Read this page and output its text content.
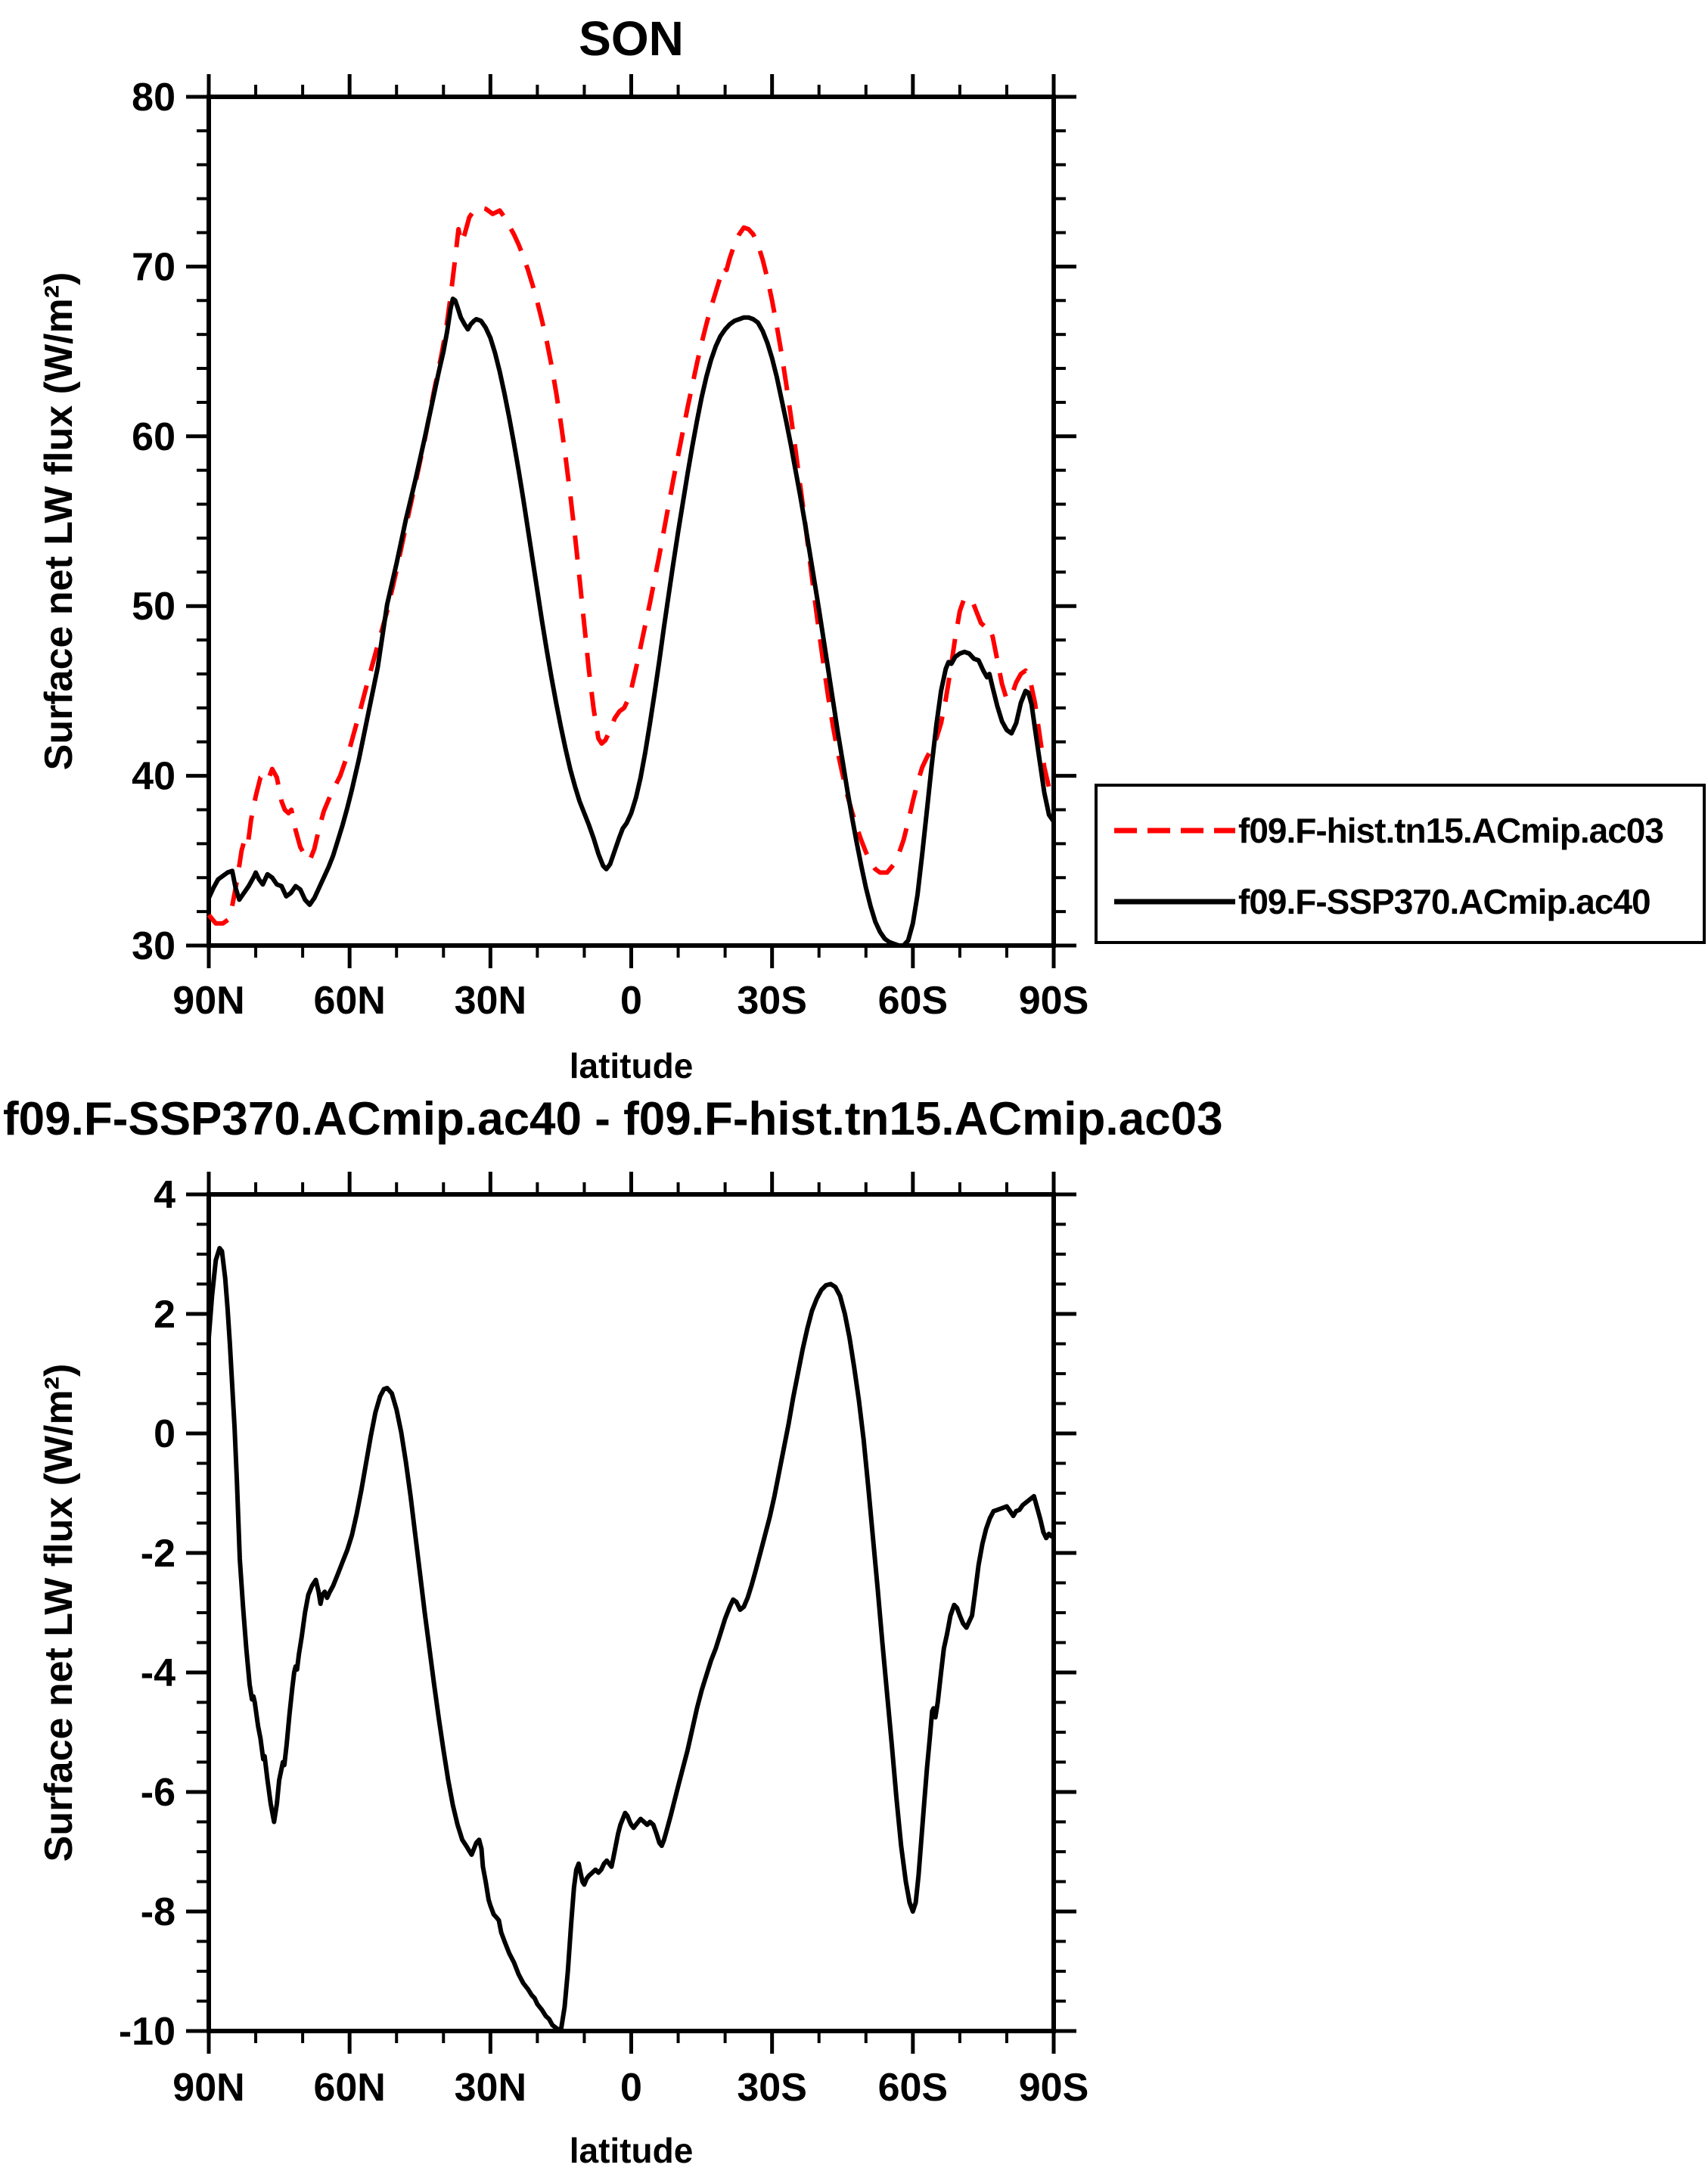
90N 60N 30N 0 30S 60S 90S
80
70
60
50
40
30
90N 60N 30N 0 30S 60S 90S
4
2
0
-2
-4
-6
-8
-10
SON
Surface net LW flux (W/m²)
latitude
f09.F-hist.tn15.ACmip.ac03
f09.F-SSP370.ACmip.ac40
f09.F-SSP370.ACmip.ac40 - f09.F-hist.tn15.ACmip.ac03
Surface net LW flux (W/m²)
latitude
